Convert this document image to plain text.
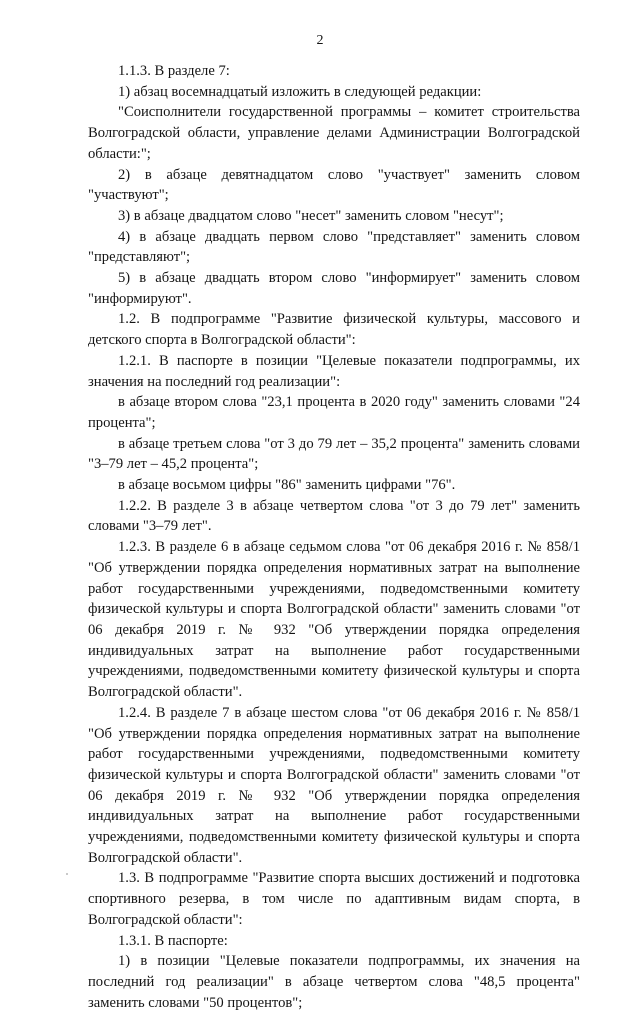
2

1.1.3. В разделе 7:

1) абзац восемнадцатый изложить в следующей редакции:

"Соисполнители государственной программы – комитет строительства Волгоградской области, управление делами Администрации Волгоградской области:";

2) в абзаце девятнадцатом слово "участвует" заменить словом "участвуют";

3) в абзаце двадцатом слово "несет" заменить словом "несут";

4) в абзаце двадцать первом слово "представляет" заменить словом "представляют";

5) в абзаце двадцать втором слово "информирует" заменить словом "информируют".

1.2. В подпрограмме "Развитие физической культуры, массового и детского спорта в Волгоградской области":

1.2.1. В паспорте в позиции "Целевые показатели подпрограммы, их значения на последний год реализации":

в абзаце втором слова "23,1 процента в 2020 году" заменить словами "24 процента";

в абзаце третьем слова "от 3 до 79 лет – 35,2 процента" заменить словами "3–79 лет – 45,2 процента";

в абзаце восьмом цифры "86" заменить цифрами "76".

1.2.2. В разделе 3 в абзаце четвертом слова "от 3 до 79 лет" заменить словами "3–79 лет".

1.2.3. В разделе 6 в абзаце седьмом слова "от 06 декабря 2016 г. № 858/1 "Об утверждении порядка определения нормативных затрат на выполнение работ государственными учреждениями, подведомственными комитету физической культуры и спорта Волгоградской области" заменить словами "от 06 декабря 2019 г. № 932 "Об утверждении порядка определения индивидуальных затрат на выполнение работ государственными учреждениями, подведомственными комитету физической культуры и спорта Волгоградской области".

1.2.4. В разделе 7 в абзаце шестом слова "от 06 декабря 2016 г. № 858/1 "Об утверждении порядка определения нормативных затрат на выполнение работ государственными учреждениями, подведомственными комитету физической культуры и спорта Волгоградской области" заменить словами "от 06 декабря 2019 г. № 932 "Об утверждении порядка определения индивидуальных затрат на выполнение работ государственными учреждениями, подведомственными комитету физической культуры и спорта Волгоградской области".

1.3. В подпрограмме "Развитие спорта высших достижений и подготовка спортивного резерва, в том числе по адаптивным видам спорта, в Волгоградской области":

1.3.1. В паспорте:

1) в позиции "Целевые показатели подпрограммы, их значения на последний год реализации" в абзаце четвертом слова "48,5 процента" заменить словами "50 процентов";
